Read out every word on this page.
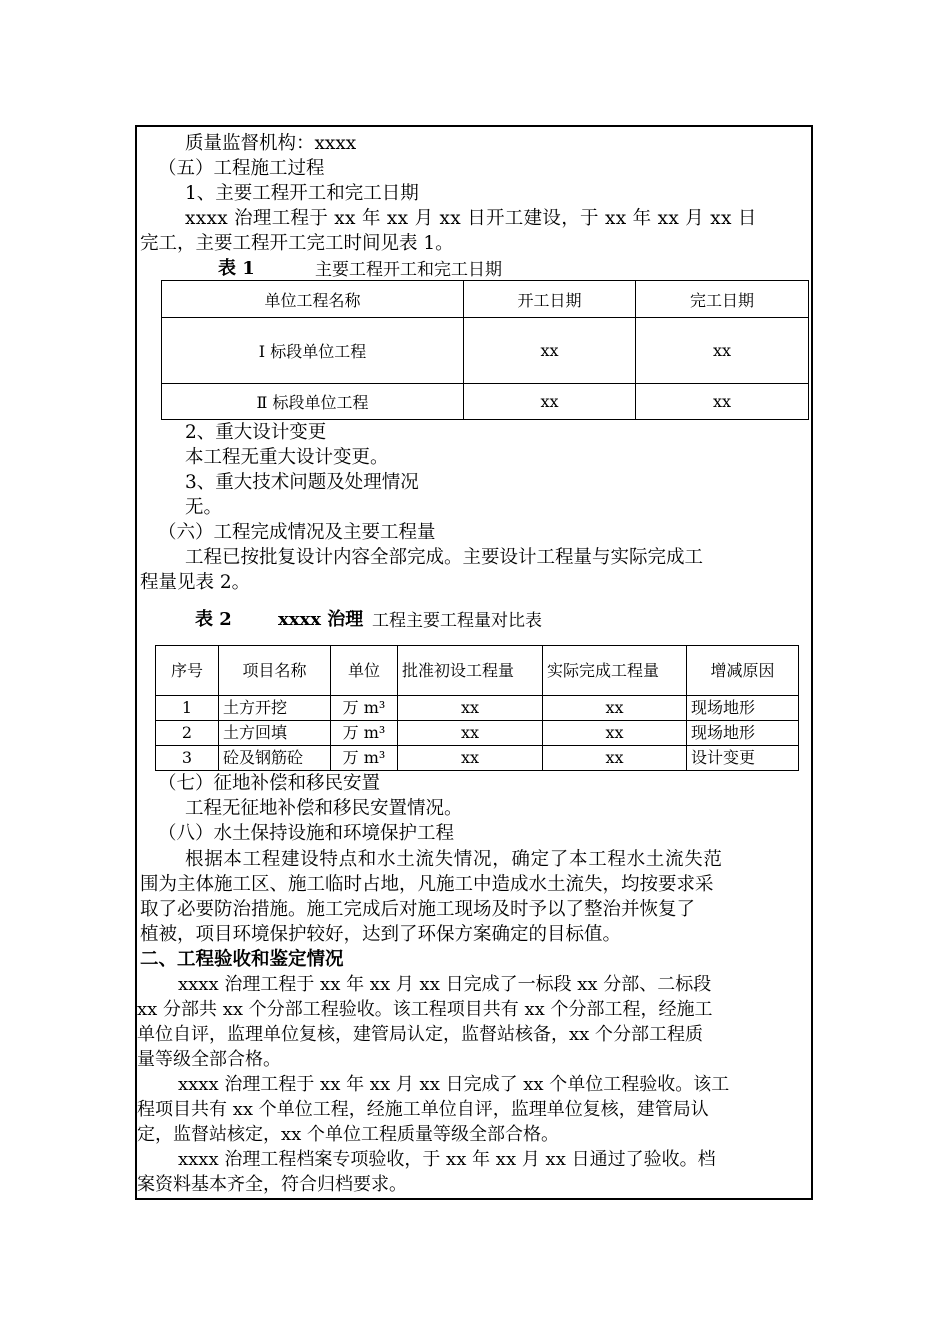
质量监督机构：xxxx
（五）工程施工过程
1、主要工程开工和完工日期
xxxx 治理工程于 xx 年 xx 月 xx 日开工建设，于 xx 年 xx 月 xx 日
完工，主要工程开工完工时间见表 1。
表 1	主要工程开工和完工日期
单位工程名称	开工日期	完工日期
Ⅰ 标段单位工程	xx	xx
Ⅱ 标段单位工程	xx	xx
2、重大设计变更
本工程无重大设计变更。
3、重大技术问题及处理情况
无。
（六）工程完成情况及主要工程量
工程已按批复设计内容全部完成。主要设计工程量与实际完成工
程量见表 2。
表 2	xxxx 治理 工程主要工程量对比表
序号	项目名称	单位	批准初设工程量	实际完成工程量	增减原因
1	土方开挖	万 m³	xx	xx	现场地形
2	土方回填	万 m³	xx	xx	现场地形
3	砼及钢筋砼	万 m³	xx	xx	设计变更
（七）征地补偿和移民安置
工程无征地补偿和移民安置情况。
（八）水土保持设施和环境保护工程
根据本工程建设特点和水土流失情况，确定了本工程水土流失范
围为主体施工区、施工临时占地，凡施工中造成水土流失，均按要求采
取了必要防治措施。施工完成后对施工现场及时予以了整治并恢复了
植被，项目环境保护较好，达到了环保方案确定的目标值。
二、工程验收和鉴定情况
xxxx 治理工程于 xx 年 xx 月 xx 日完成了一标段 xx 分部、二标段
xx 分部共 xx 个分部工程验收。该工程项目共有 xx 个分部工程，经施工
单位自评，监理单位复核，建管局认定，监督站核备，xx 个分部工程质
量等级全部合格。
xxxx 治理工程于 xx 年 xx 月 xx 日完成了 xx 个单位工程验收。该工
程项目共有 xx 个单位工程，经施工单位自评，监理单位复核，建管局认
定，监督站核定，xx 个单位工程质量等级全部合格。
xxxx 治理工程档案专项验收，于 xx 年 xx 月 xx 日通过了验收。档
案资料基本齐全，符合归档要求。
